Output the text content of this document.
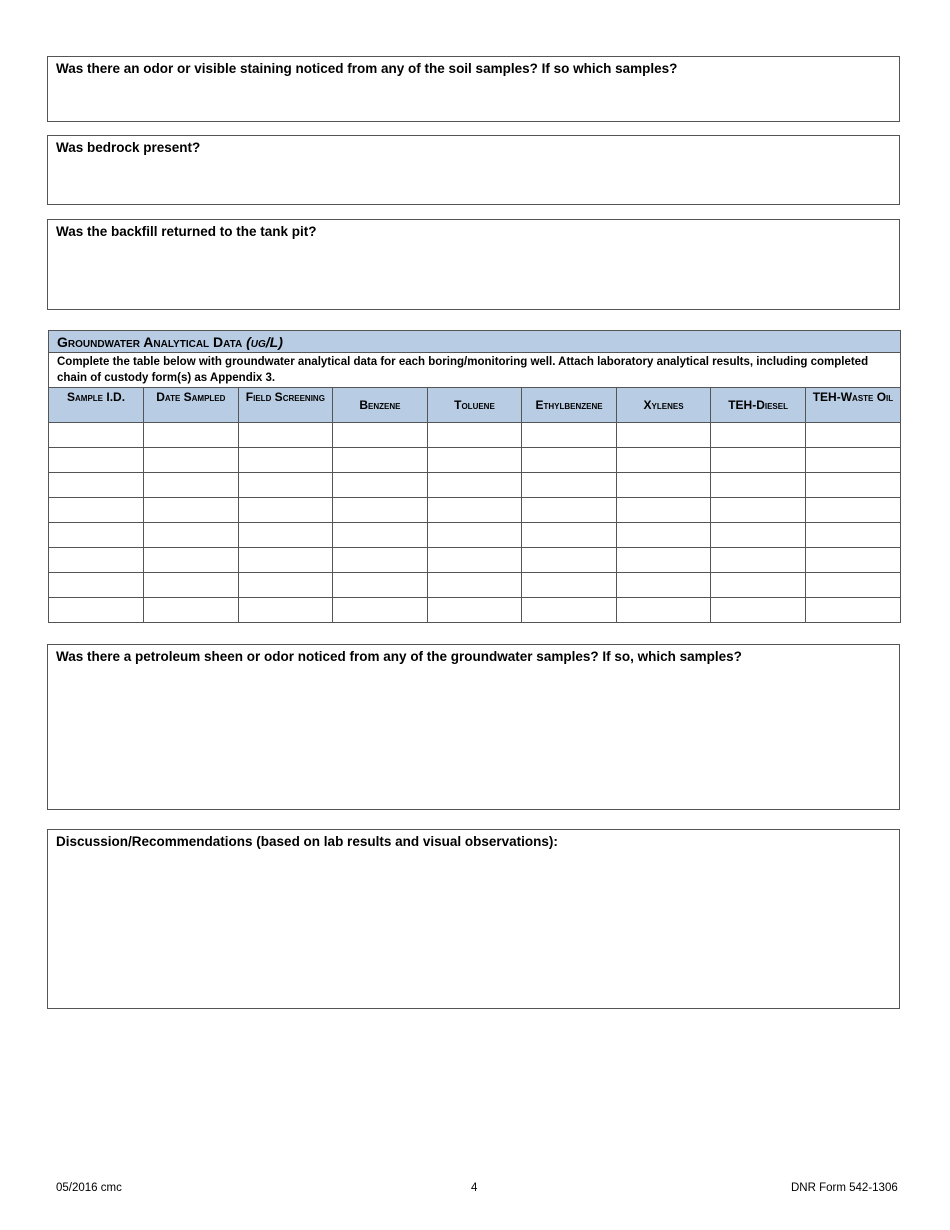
Was there an odor or visible staining noticed from any of the soil samples? If so which samples?
Was bedrock present?
Was the backfill returned to the tank pit?
Groundwater Analytical Data (ug/L)
Complete the table below with groundwater analytical data for each boring/monitoring well. Attach laboratory analytical results, including completed chain of custody form(s) as Appendix 3.
Sample I.D.	Date Sampled	Field Screening	Benzene	Toluene	Ethylbenzene	Xylenes	TEH-Diesel	TEH-Waste Oil

Was there a petroleum sheen or odor noticed from any of the groundwater samples? If so, which samples?
Discussion/Recommendations (based on lab results and visual observations):
05/2016 cmc	4	DNR Form 542-1306
